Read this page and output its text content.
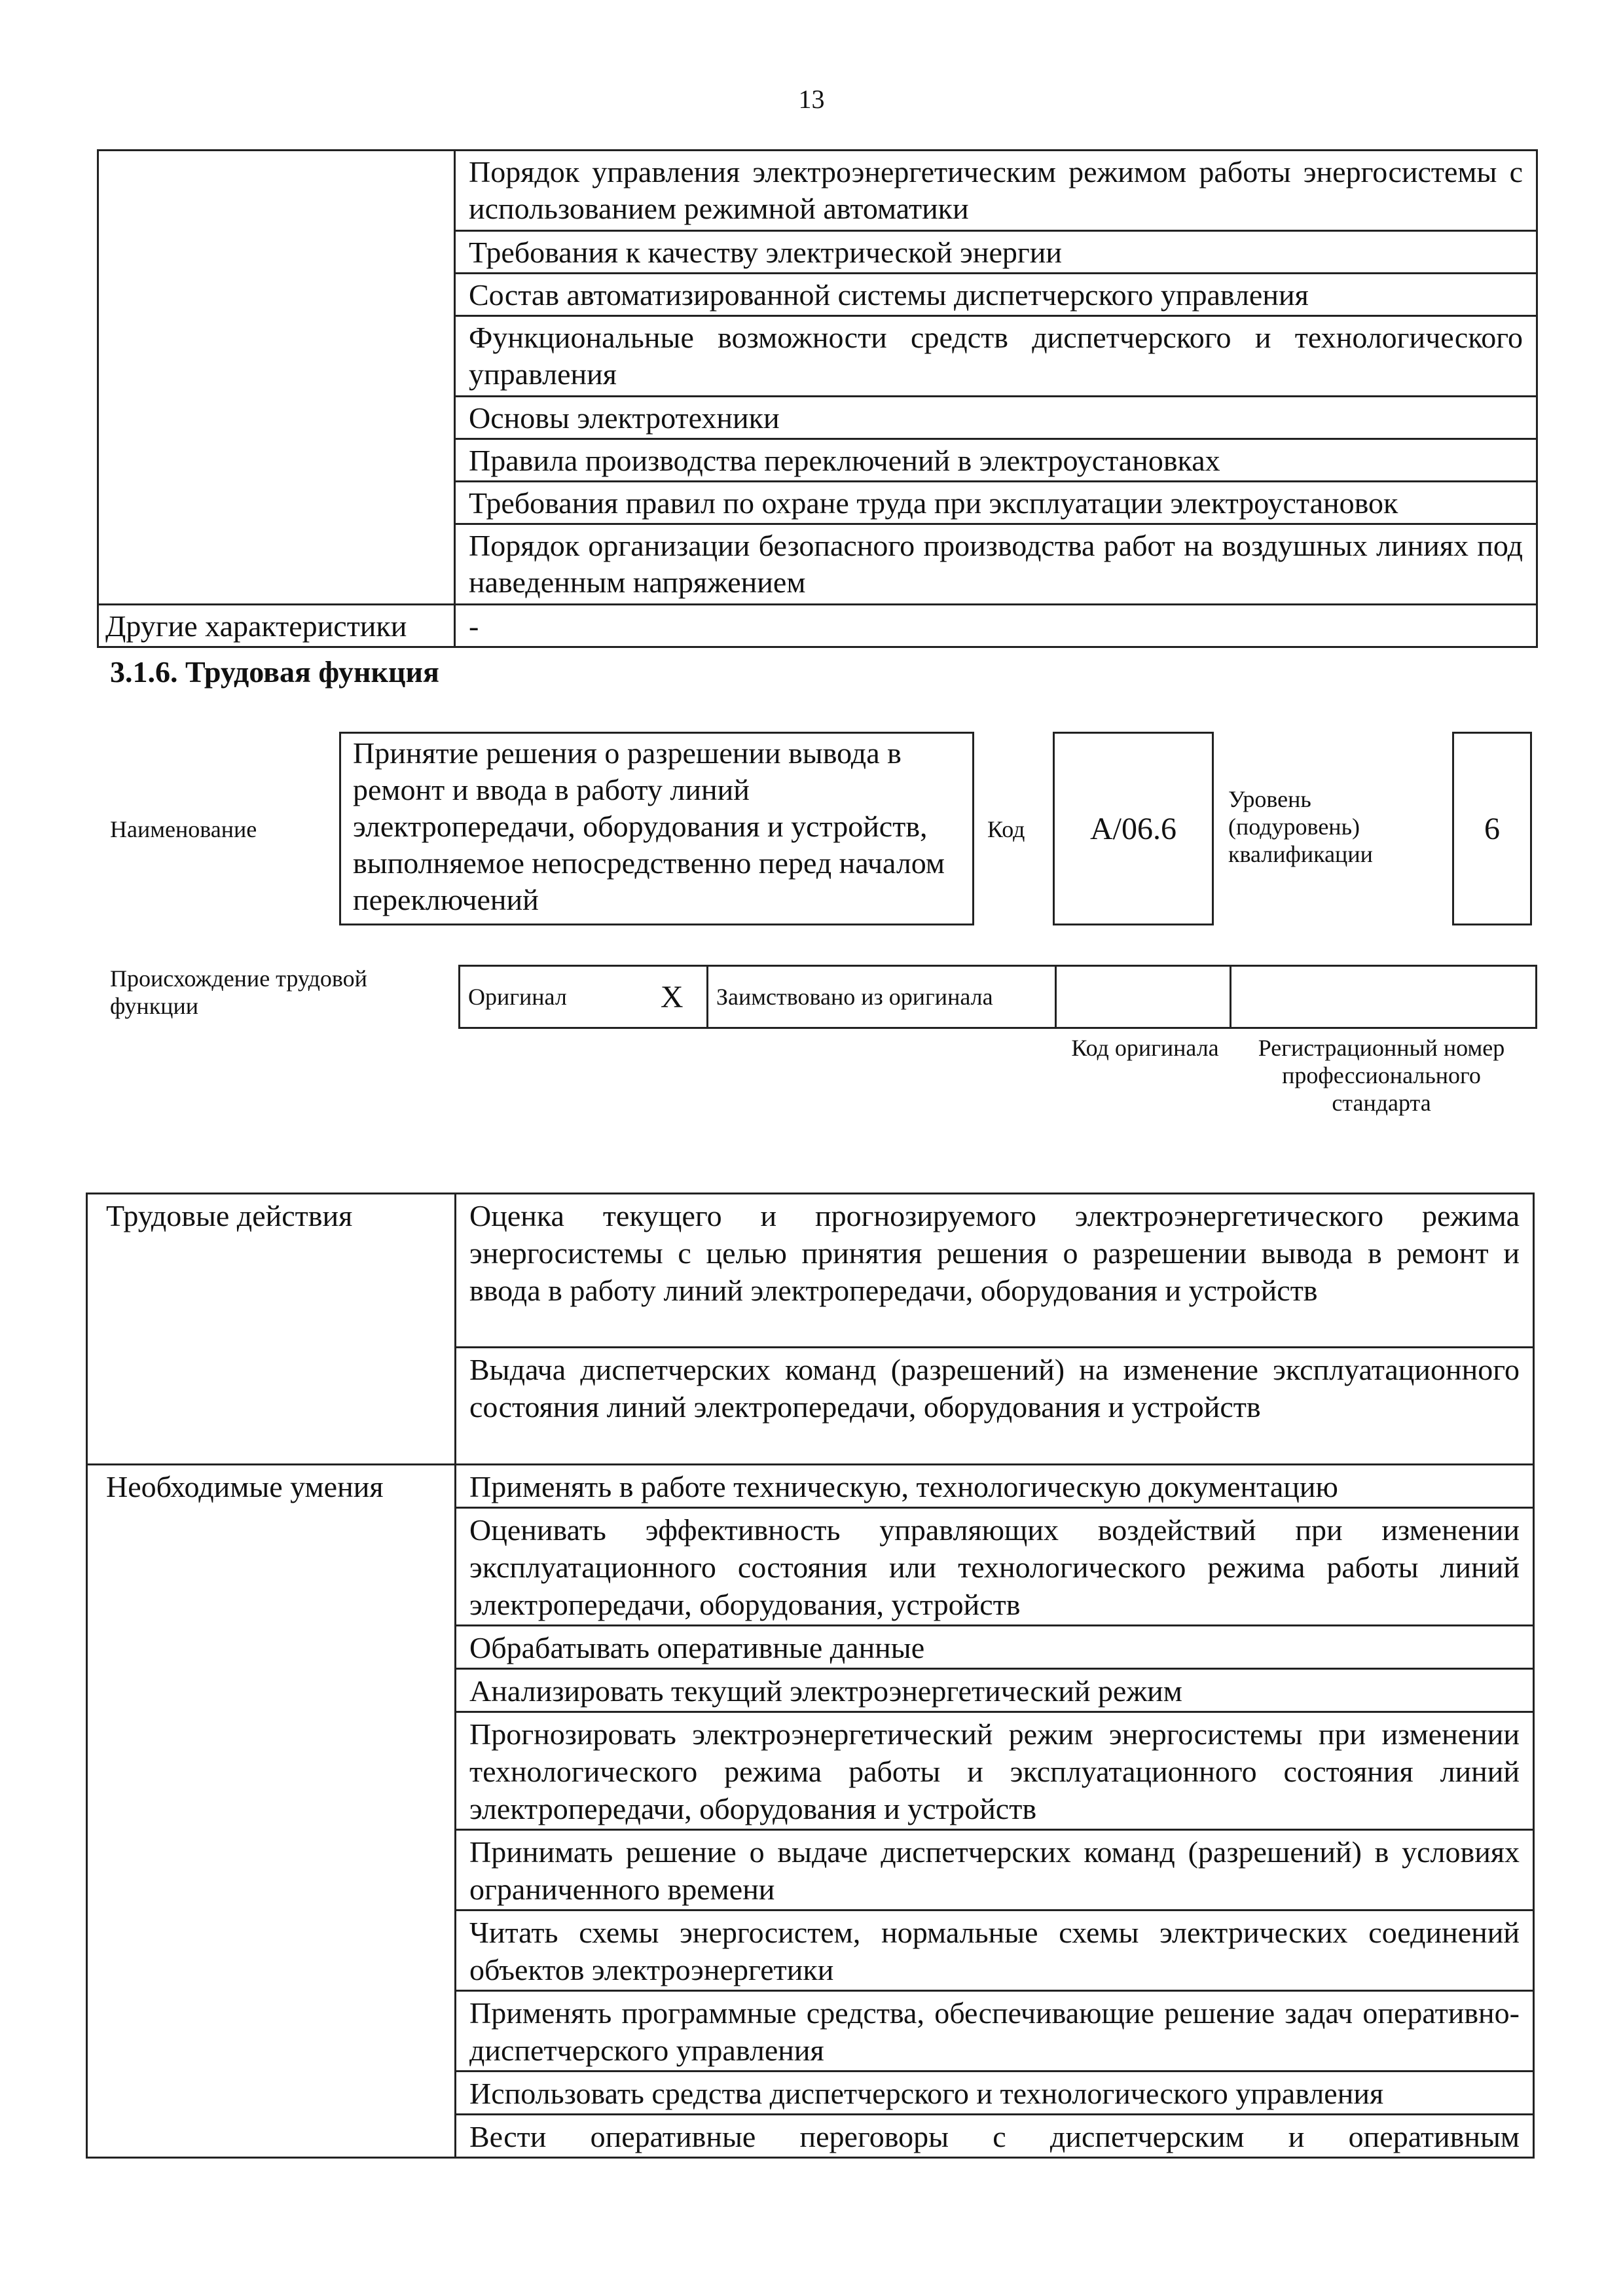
13
	Порядок управления электроэнергетическим режимом работы энергосистемы с использованием режимной автоматики
	Требования к качеству электрической энергии
	Состав автоматизированной системы диспетчерского управления
	Функциональные возможности средств диспетчерского и технологического управления
	Основы электротехники
	Правила производства переключений в электроустановках
	Требования правил по охране труда при эксплуатации электроустановок
	Порядок организации безопасного производства работ на воздушных линиях под наведенным напряжением
Другие характеристики	-
3.1.6. Трудовая функция
Наименование
Принятие решения о разрешении вывода в ремонт и ввода в работу линий электропередачи, оборудования и устройств, выполняемое непосредственно перед началом переключений
Код A/06.6
Уровень (подуровень) квалификации
6
Происхождение трудовой функции	Оригинал	X	Заимствовано из оригинала		
Код оригинала	Регистрационный номер профессионального стандарта
Трудовые действия	Оценка текущего и прогнозируемого электроэнергетического режима энергосистемы с целью принятия решения о разрешении вывода в ремонт и ввода в работу линий электропередачи, оборудования и устройств
	Выдача диспетчерских команд (разрешений) на изменение эксплуатационного состояния линий электропередачи, оборудования и устройств
Необходимые умения	Применять в работе техническую, технологическую документацию
	Оценивать эффективность управляющих воздействий при изменении эксплуатационного состояния или технологического режима работы линий электропередачи, оборудования, устройств
	Обрабатывать оперативные данные
	Анализировать текущий электроэнергетический режим
	Прогнозировать электроэнергетический режим энергосистемы при изменении технологического режима работы и эксплуатационного состояния линий электропередачи, оборудования и устройств
	Принимать решение о выдаче диспетчерских команд (разрешений) в условиях ограниченного времени
	Читать схемы энергосистем, нормальные схемы электрических соединений объектов электроэнергетики
	Применять программные средства, обеспечивающие решение задач оперативно-диспетчерского управления
	Использовать средства диспетчерского и технологического управления
	Вести оперативные переговоры с диспетчерским и оперативным
